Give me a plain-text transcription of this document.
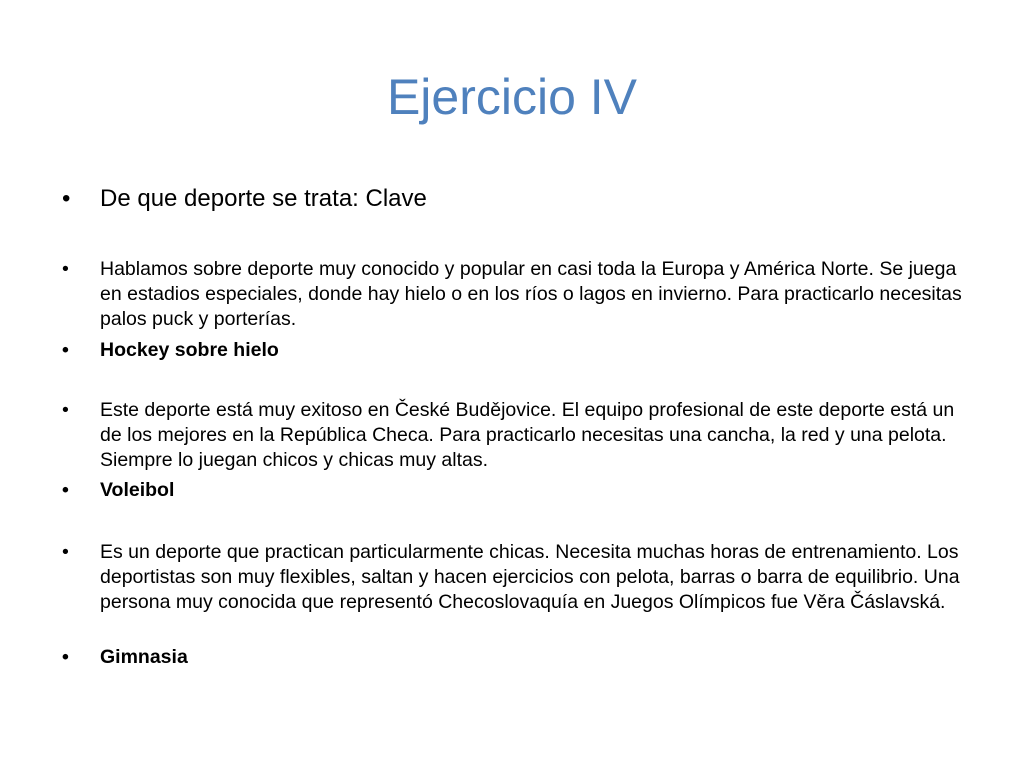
Ejercicio IV
•	De que deporte se trata: Clave
•	Hablamos sobre deporte muy conocido y popular en casi toda la Europa y América Norte. Se juega en estadios especiales, donde hay hielo o en los ríos o lagos en invierno. Para practicarlo necesitas palos puck y porterías.
•	Hockey sobre hielo
•	Este deporte está muy exitoso en České Budějovice. El equipo profesional de este deporte está un de los mejores en la República Checa. Para practicarlo necesitas una cancha, la red y una pelota. Siempre lo juegan chicos y chicas muy altas.
•	Voleibol
•	Es un deporte que practican particularmente chicas. Necesita muchas horas de entrenamiento. Los deportistas son muy flexibles, saltan y hacen ejercicios con pelota, barras o barra de equilibrio. Una persona muy conocida que representó Checoslovaquía en Juegos Olímpicos fue Věra Čáslavská.
•	Gimnasia
